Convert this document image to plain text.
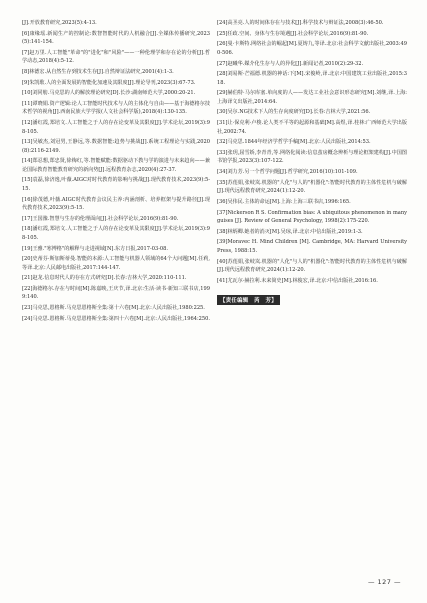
[J].开放教育研究,2023(5):4-13.
[6]康缘瑶.新闻生产的控制论:数智智能时代的人机融合[J].全媒体传播研究,2023(5):141-154.
[7]赵万里.人工智能"革命"的"进化"和"风险"——一种伦理学和存在论的分析[J].哲学动态,2018(4):5-12.
[8]林德宏.从自然生存到技术生存[J].自然辩证法研究,2001(4):1-3.
[9]朱凯歌.人的全面发展的智能化加速及其限度[J].理论导刊,2023(3):67-73.
[10]刘同舫.马克思的人的解放理论研究[D].长沙:湖南师范大学,2000:20-21.
[11]谭晓娟.资产逻辑:论人工智能时代技术与人的主体化与自由——基于海德格尔技术哲学的视角[J].西南民族大学学报(人文社会科学版),2018(4):130-135.
[12]潘红霞,郑培文.人工智能之于人的存在论变革及其限度[J].学术论坛,2019(3):98-105.
[13]吴敏杰,刘冠男,王静远,等.数据智能:趋势与挑战[J].系统工程理论与实践,2020(8):2116-2149.
[14]郑忍想,郑忠贤,徐梅红,等.智能赋能:数据驱动下教与学的演进与未来趋向——兼论国际教育智能教育研究的新向势[J].远程教育杂志,2020(4):27-37.
[15]袁磊,徐济逸,叶薇.AIGC对时代教育的影响与挑战[J].现代教育技术,2023(9):5-15.
[16]徐茂德,叶薇.AIGC时代教育会议民主养:内涵剖析、培养框架与提升路径[J].现代教育技术,2023(9):5-15.
[17]王国豫.智慧与生存的伦理面向[J].社会科学论坛,2016(9):81-90.
[18]潘红霞,郑培文.人工智能之于人的存在论变革及其限度[J].学术论坛,2019(3):98-105.
[19]王雅."寒博格"的解释与走进视域[N].东方日报,2017-03-08.
[20]史蒂芬·斯加斯蒂曼.智能的本源:人工智能与机器人领域的64个大问题[M].任莉,等译.北京:人民邮电出版社,2017:144-147.
[21]赵龙.信息时代人的存在方式研究[D].长春:吉林大学,2020:110-111.
[22]海德格尔.存在与时间[M].陈嘉映,王庆节,译.北京:生活·读书·新知三联书店,1999:140.
[23]马克思,恩格斯.马克思恩格斯全集:第十六卷[M].北京:人民出版社,1980:225.
[24]马克思.恩格斯.马克思恩格斯全集:第四十六卷[M].北京:人民出版社,1964:250.
[24]高圣亮.人的时间体存在与技术[J].科学技术与辩证法,2008(3):46-50.
[25]任政.空间、身体与生存境遇[J].社会科学论坛,2016(9):81-90.
[26]曼·卡斯特.网络社会的崛起[M].夏铸九,等译.北京:社会科学文献出版社,2003:490-506.
[27]赵曦华.媒介化生存与人的异化[J].新闻记者,2010(2):29-32.
[28]刘易斯·芒福德.机器的神话:下[M].宋俊岭,译.北京:中国建筑工业出版社,2015:318.
[29]赫伯特·马尔库塞.单向度的人——发达工业社会意识形态研究[M].刘继,译.上海:上海译文出版社,2014:64.
[30]吴尔.NG技术下人的生存向度研究[D].长春:吉林大学,2021:56.
[31]让·保克利·卢梭.论人类不平等的起源和基础[M].高煜,译.桂林:广西师范大学出版社,2002:74.
[32]马克思.1844年经济学哲学手稿[M].北京:人民出版社,2014:53.
[33]张玥,屈雪娇,李青青,等.网络化阅读:信息茧房概念辨析与理论框架建构[J].中国图书馆学报,2023(3):107-122.
[34]刘力芳.另一个哲学问题[J].哲学研究,2016(10):101-109.
[35]苏莲娟,张岐岚.机器的"人化"与人的"机器化":智能时代教育的主体性危机与破解[J].现代远程教育研究,2024(1):12-20.
[36]吴伟民.主体的命运[M].上海:上海三联书店,1996:165.
[37]Nickerson R S. Confirmation bias: A ubiquitous phenomenon in many guises [J]. Review of General Psychology, 1998(2):175-220.
[38]林炳卿.她者的消灭[M].吴琼,译.北京:中信出版社,2019:1-3.
[39]Moravec H. Mind Children [M]. Cambridge, MA: Harvard University Press, 1988:15.
[40]苏莲娟,张岐岚.机器的"人化"与人的"机器化":智能时代教育的主体性危机与破解[J].现代远程教育研究,2024(1):12-20.
[41]尤瓦尔·赫拉利.未来简史[M].林俊宏,译.北京:中信出版社,2016:16.
【责任编辑　芮　芳】
— 127 —
